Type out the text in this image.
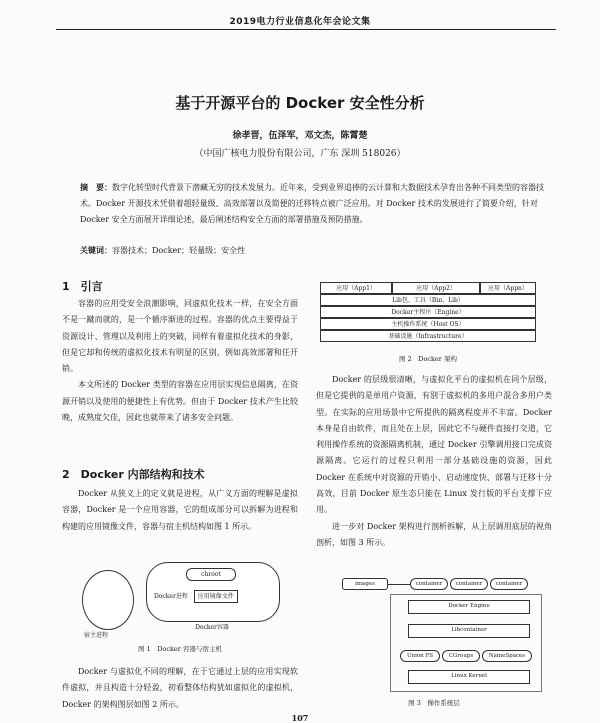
2019电力行业信息化年会论文集
基于开源平台的 Docker 安全性分析
徐孝晋，伍泽军，邓文杰，陈霄楚
（中国广核电力股份有限公司，广东 深圳 518026）
摘　要：数字化转型时代背景下潜藏无穷的技术发展力。近年来，受到业界追捧的云计算和大数据技术孕育出各种不同类型的容器技术。Docker 开源技术凭借着超轻量级、高效部署以及简便的迁移特点被广泛应用。对 Docker 技术的发展进行了简要介绍，针对 Docker 安全方面展开详细论述，最后阐述结构安全方面的部署措施及预防措施。
关键词：容器技术；Docker；轻量级；安全性
1　引言

容器的应用受安全浪潮影响，同虚拟化技术一样，在安全方面不是一蹴而就的，是一个循序渐进的过程。容器的优点主要得益于资源设计、管理以及利用上的突破，同样有着虚拟化技术的身影，但是它却和传统的虚拟化技术有明显的区别，例如高效部署和任开销。

本文所述的 Docker 类型的容器在应用层实现信息隔离，在资源开销以及使用的便捷性上有优势。但由于 Docker 技术产生比较晚，成熟度欠佳，因此也就带来了诸多安全问题。

2　Docker 内部结构和技术

Docker 从狭义上的定义就是进程，从广义方面的理解是虚拟容器，Docker 是一个应用容器，它的组成部分可以拆解为进程和构建的应用镜像文件，容器与宿主机结构如图 1 所示。

宿主进程
chroot
Docker进程 应用镜像文件
Docker容器
图 1　Docker 容器与宿主机

Docker 与虚拟化不同的理解，在于它通过上层的应用实现软件虚拟，并且构造十分轻盈，初看整体结构犹如虚拟化的虚拟机，Docker 的架构图层如图 2 所示。

应用（App1）	应用（App2）	应用（Appn）
Lib包、工具（Bin、Lib）
Docker主程序（Engine）
主机操作系统（Host OS）
基础设施（Infrastructure）
图 2　Docker 架构

Docker 的层级很清晰，与虚拟化平台的虚拟机在同个层级，但是它提供的是单用户资源，有别于虚拟机的多用户混合多用户类型。在实际的应用场景中它所提供的隔离程度并不丰富。Docker 本身是自由软件，而且处在上层，因此它不与硬件直接打交道，它利用操作系统的资源隔离机制，通过 Docker 引擎调用接口完成资源隔离。它运行的过程只利用一部分基础设施的资源，因此 Docker 在系统中对资源的开销小、启动速度快、部署与迁移十分高效，目前 Docker 原生态只能在 Linux 发行版的平台支撑下应用。

进一步对 Docker 架构进行剖析拆解，从上层调用底层的视角剖析，如图 3 所示。

images	container	container	container
Docker Engine
Libcontainer
Union FS	CGroups	NameSpaces
Linux Kernel
图 3　操作系统层
107
